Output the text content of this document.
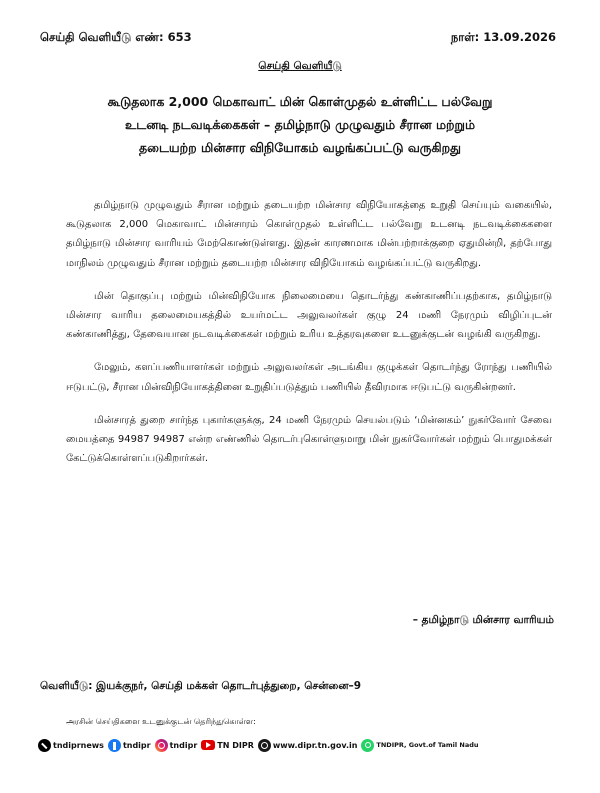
செய்தி வெளியீடு எண்: 653	நாள்: 13.09.2026
செய்தி வெளியீடு
கூடுதலாக 2,000 மெகாவாட் மின் கொள்முதல் உள்ளிட்ட பல்வேறு
உடனடி நடவடிக்கைகள் – தமிழ்நாடு முழுவதும் சீரான மற்றும்
தடையற்ற மின்சார விநியோகம் வழங்கப்பட்டு வருகிறது

தமிழ்நாடு முழுவதும் சீரான மற்றும் தடையற்ற மின்சார விநியோகத்தை உறுதி செய்யும் வகையில், கூடுதலாக 2,000 மெகாவாட் மின்சாரம் கொள்முதல் உள்ளிட்ட பல்வேறு உடனடி நடவடிக்கைகளை தமிழ்நாடு மின்சார வாரியம் மேற்கொண்டுள்ளது. இதன் காரணமாக மின்பற்றாக்குறை ஏதுமின்றி, தற்போது மாநிலம் முழுவதும் சீரான மற்றும் தடையற்ற மின்சார விநியோகம் வழங்கப்பட்டு வருகிறது.

மின் தொகுப்பு மற்றும் மின்விநியோக நிலைமையை தொடர்ந்து கண்காணிப்பதற்காக, தமிழ்நாடு மின்சார வாரிய தலைமையகத்தில் உயர்மட்ட அலுவலர்கள் குழு 24 மணி நேரமும் விழிப்புடன் கண்காணித்து, தேவையான நடவடிக்கைகள் மற்றும் உரிய உத்தரவுகளை உடனுக்குடன் வழங்கி வருகிறது.

மேலும், களப்பணியாளர்கள் மற்றும் அலுவலர்கள் அடங்கிய குழுக்கள் தொடர்ந்து ரோந்து பணியில் ஈடுபட்டு, சீரான மின்விநியோகத்தினை உறுதிப்படுத்தும் பணியில் தீவிரமாக ஈடுபட்டு வருகின்றனர்.

மின்சாரத் துறை சார்ந்த புகார்களுக்கு, 24 மணி நேரமும் செயல்படும் ‘மின்னகம்’ நுகர்வோர் சேவை மையத்தை 94987 94987 என்ற எண்ணில் தொடர்புகொள்ளுமாறு மின் நுகர்வோர்கள் மற்றும் பொதுமக்கள் கேட்டுக்கொள்ளப்படுகிறார்கள்.

– தமிழ்நாடு மின்சார வாரியம்
வெளியீடு: இயக்குநர், செய்தி மக்கள் தொடர்புத்துறை, சென்னை–9
அரசின் செய்திகளை உடனுக்குடன் தெரிந்துகொள்ள:
tndiprnews tndipr tndipr	TN DIPR www.dipr.tn.gov.in	TNDIPR, Govt.of Tamil Nadu
